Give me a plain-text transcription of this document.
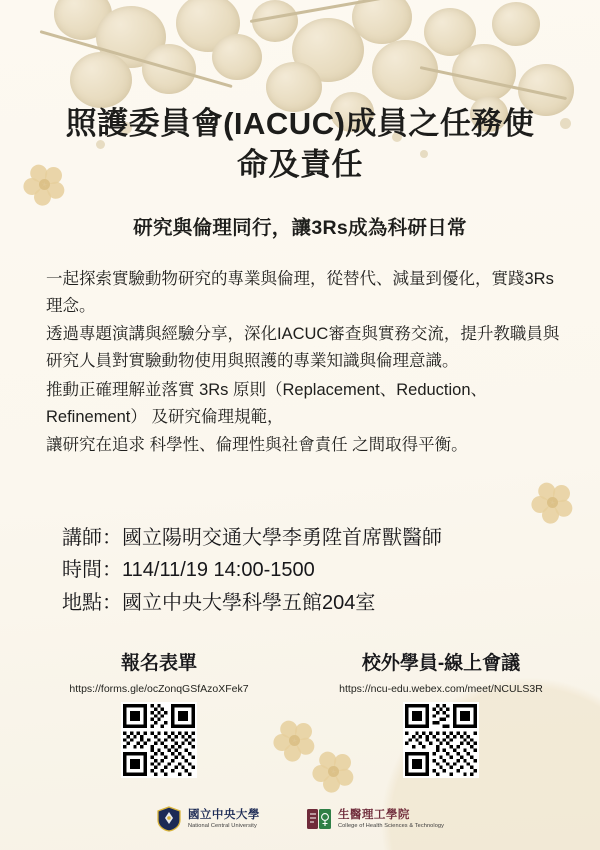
照護委員會(IACUC)成員之任務使命及責任
研究與倫理同行，讓3Rs成為科研日常

一起探索實驗動物研究的專業與倫理，從替代、減量到優化，實踐3Rs理念。

透過專題演講與經驗分享，深化IACUC審查與實務交流，提升教職員與研究人員對實驗動物使用與照護的專業知識與倫理意識。

推動正確理解並落實 3Rs 原則（Replacement、Reduction、Refinement） 及研究倫理規範，

讓研究在追求 科學性、倫理性與社會責任 之間取得平衡。

講師：國立陽明交通大學李勇陞首席獸醫師
時間：114/11/19 14:00-1500
地點：國立中央大學科學五館204室
報名表單
https://forms.gle/ocZonqGSfAzoXFek7
校外學員-線上會議
https://ncu-edu.webex.com/meet/NCULS3R
國立中央大學
National Central University
生醫理工學院
College of Health Sciences & Technology
